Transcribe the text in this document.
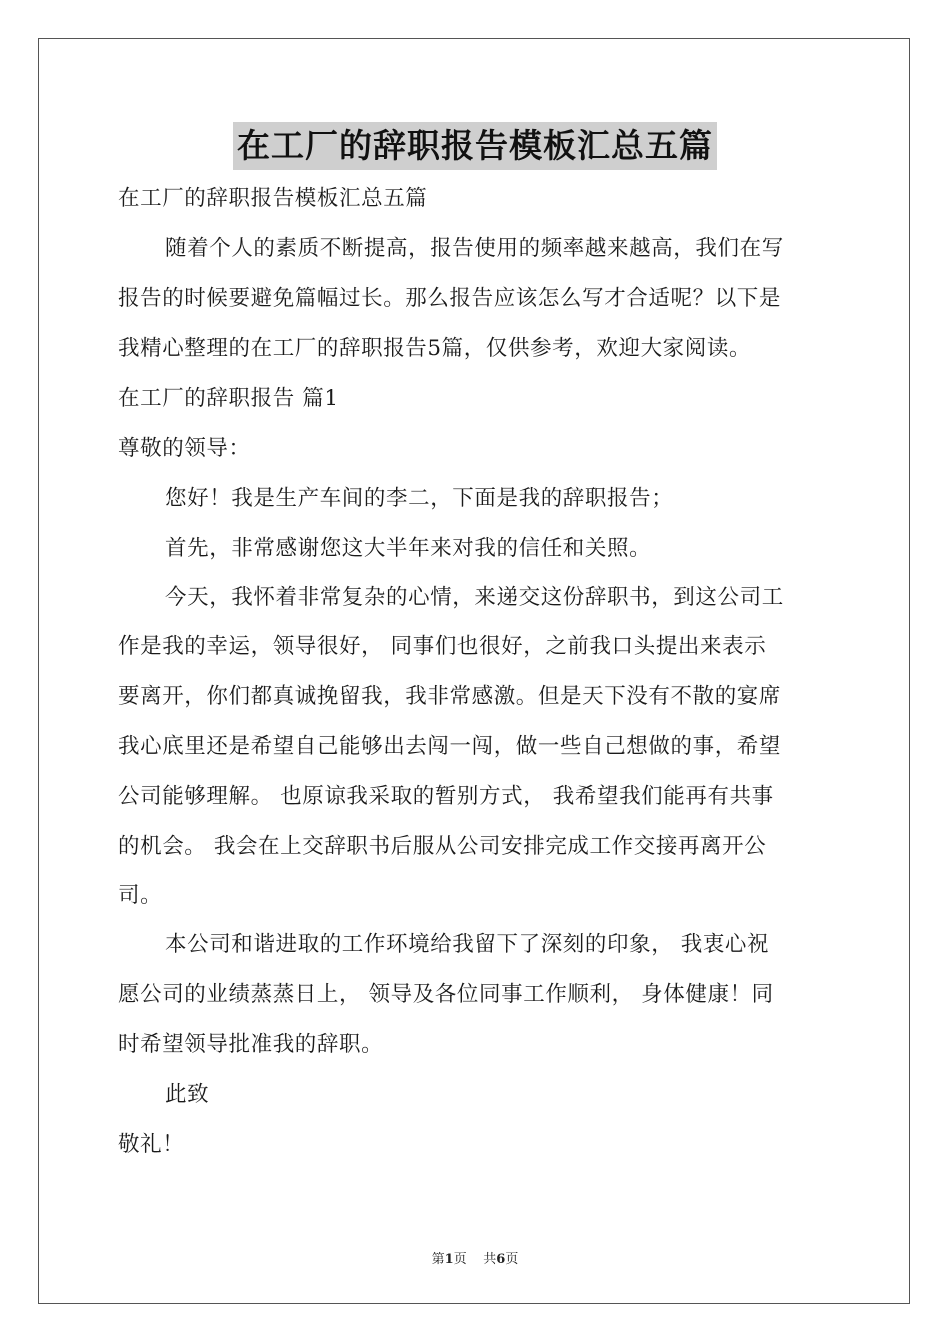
在工厂的辞职报告模板汇总五篇
在工厂的辞职报告模板汇总五篇
随着个人的素质不断提高，报告使用的频率越来越高，我们在写
报告的时候要避免篇幅过长。那么报告应该怎么写才合适呢？以下是
我精心整理的在工厂的辞职报告5篇，仅供参考，欢迎大家阅读。
在工厂的辞职报告 篇1
尊敬的领导：
您好！我是生产车间的李二，下面是我的辞职报告；
首先，非常感谢您这大半年来对我的信任和关照。
今天，我怀着非常复杂的心情，来递交这份辞职书，到这公司工
作是我的幸运，领导很好， 同事们也很好，之前我口头提出来表示
要离开，你们都真诚挽留我，我非常感激。但是天下没有不散的宴席
我心底里还是希望自己能够出去闯一闯，做一些自己想做的事，希望
公司能够理解。 也原谅我采取的暂别方式， 我希望我们能再有共事
的机会。 我会在上交辞职书后服从公司安排完成工作交接再离开公
司。
本公司和谐进取的工作环境给我留下了深刻的印象， 我衷心祝
愿公司的业绩蒸蒸日上， 领导及各位同事工作顺利， 身体健康！同
时希望领导批准我的辞职。
此致
敬礼！
第1页 共6页
